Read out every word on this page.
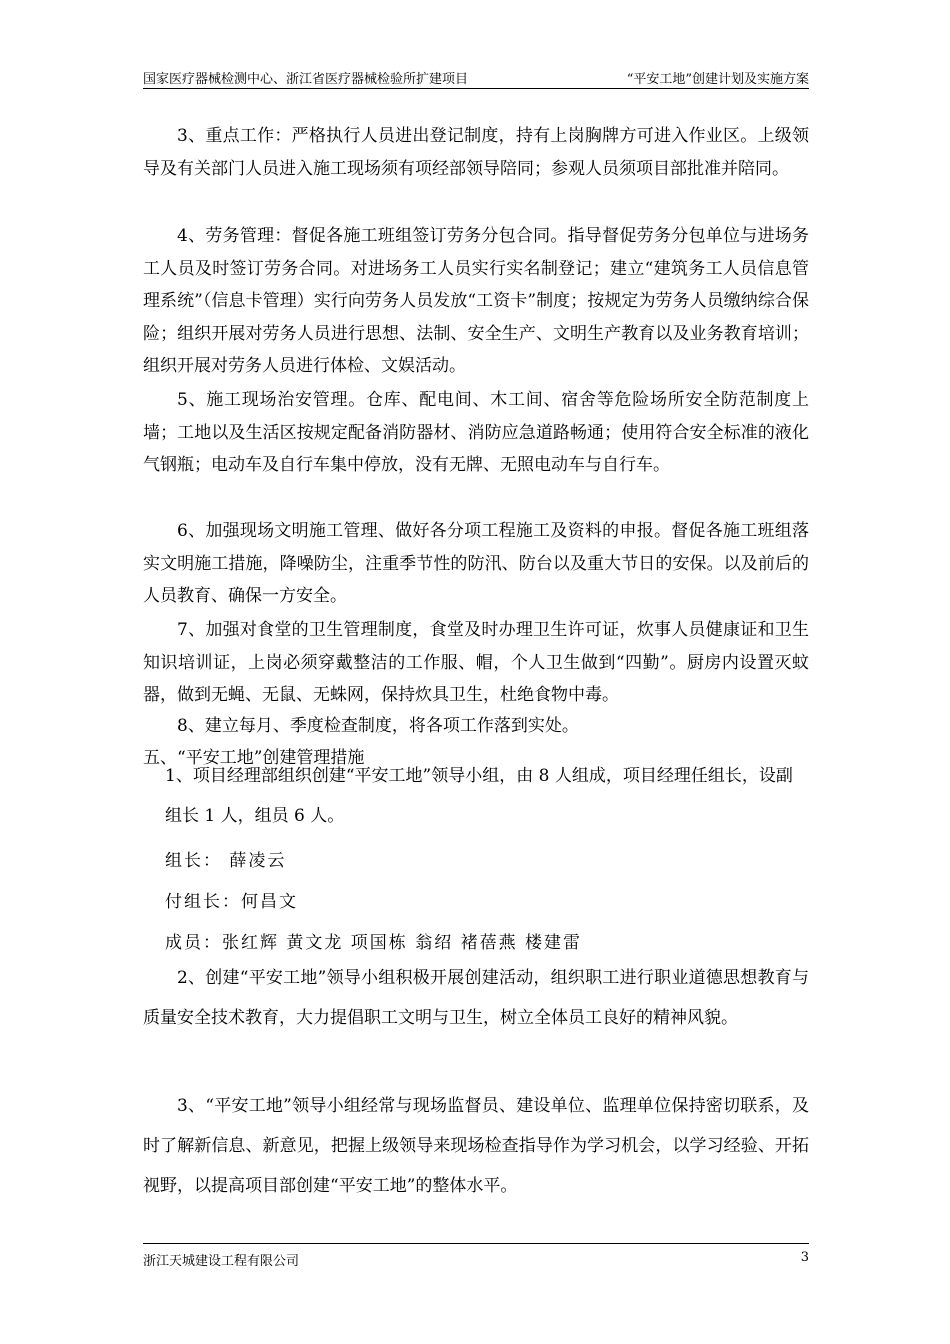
国家医疗器械检测中心、浙江省医疗器械检验所扩建项目	“平安工地”创建计划及实施方案

3、重点工作：严格执行人员进出登记制度，持有上岗胸牌方可进入作业区。上级领导及有关部门人员进入施工现场须有项经部领导陪同；参观人员须项目部批准并陪同。

4、劳务管理：督促各施工班组签订劳务分包合同。指导督促劳务分包单位与进场务工人员及时签订劳务合同。对进场务工人员实行实名制登记；建立“建筑务工人员信息管理系统”（信息卡管理）实行向劳务人员发放“工资卡”制度；按规定为劳务人员缴纳综合保险；组织开展对劳务人员进行思想、法制、安全生产、文明生产教育以及业务教育培训；组织开展对劳务人员进行体检、文娱活动。

5、施工现场治安管理。仓库、配电间、木工间、宿舍等危险场所安全防范制度上墙；工地以及生活区按规定配备消防器材、消防应急道路畅通；使用符合安全标准的液化气钢瓶；电动车及自行车集中停放，没有无牌、无照电动车与自行车。

6、加强现场文明施工管理、做好各分项工程施工及资料的申报。督促各施工班组落实文明施工措施，降噪防尘，注重季节性的防汛、防台以及重大节日的安保。以及前后的人员教育、确保一方安全。

7、加强对食堂的卫生管理制度，食堂及时办理卫生许可证，炊事人员健康证和卫生知识培训证，上岗必须穿戴整洁的工作服、帽，个人卫生做到“四勤”。厨房内设置灭蚊器，做到无蝇、无鼠、无蛛网，保持炊具卫生，杜绝食物中毒。

8、建立每月、季度检查制度，将各项工作落到实处。

五、“平安工地”创建管理措施

1、项目经理部组织创建“平安工地”领导小组，由 8 人组成，项目经理任组长，设副组长 1 人，组员 6 人。

组长： 薛凌云

付组长：何昌文

成员：张红辉 黄文龙 项国栋 翁绍 褚蓓燕 楼建雷

2、创建“平安工地”领导小组积极开展创建活动，组织职工进行职业道德思想教育与质量安全技术教育，大力提倡职工文明与卫生，树立全体员工良好的精神风貌。

3、“平安工地”领导小组经常与现场监督员、建设单位、监理单位保持密切联系，及时了解新信息、新意见，把握上级领导来现场检查指导作为学习机会，以学习经验、开拓视野，以提高项目部创建“平安工地”的整体水平。

浙江天城建设工程有限公司	3
